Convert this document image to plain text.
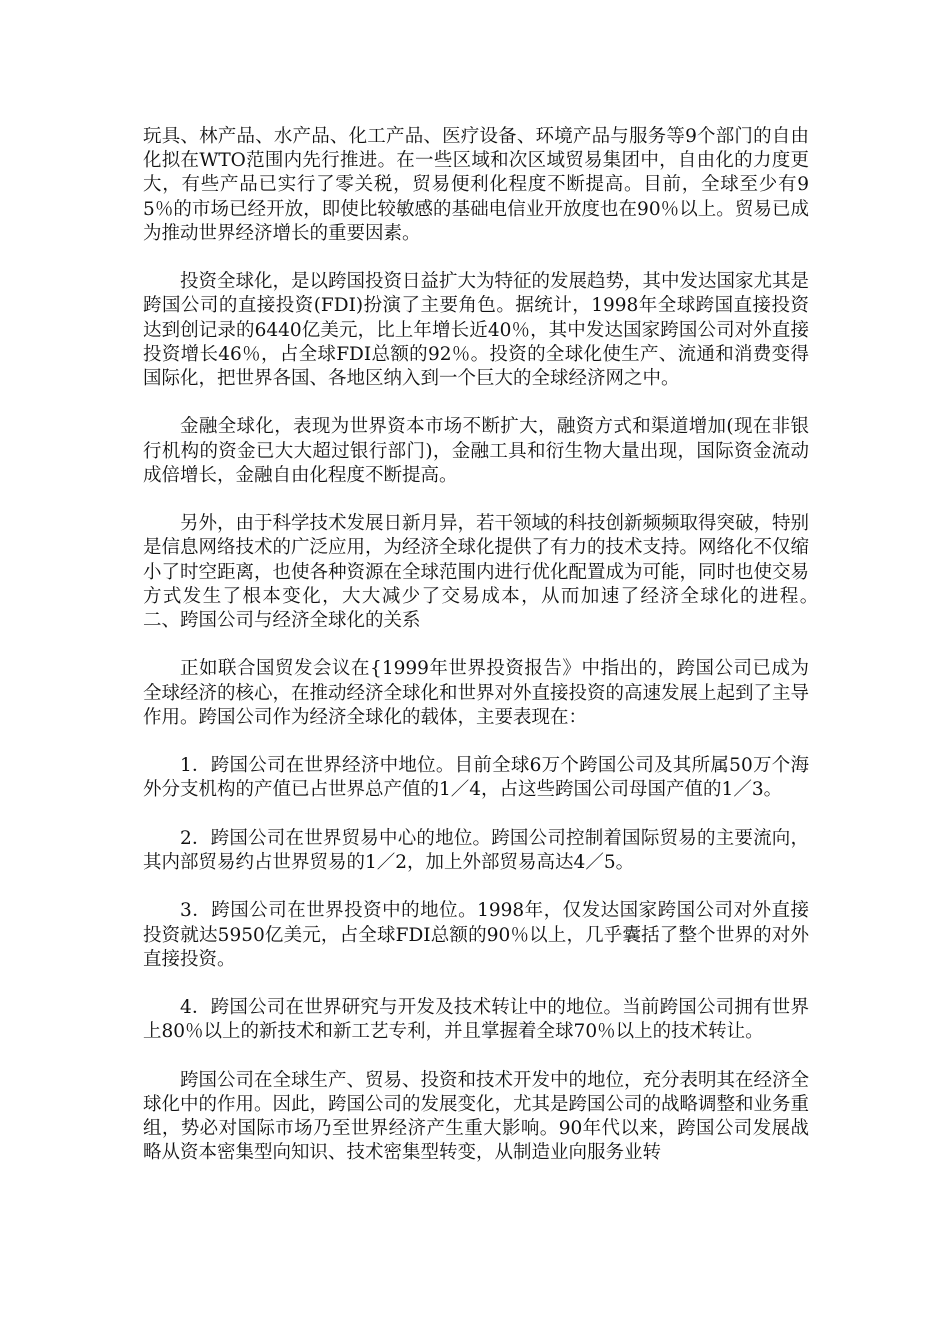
玩具、林产品、水产品、化工产品、医疗设备、环境产品与服务等9个部门的自由化拟在WTO范围内先行推进。在一些区域和次区域贸易集团中，自由化的力度更大，有些产品已实行了零关税，贸易便利化程度不断提高。目前，全球至少有95％的市场已经开放，即使比较敏感的基础电信业开放度也在90％以上。贸易已成为推动世界经济增长的重要因素。

投资全球化，是以跨国投资日益扩大为特征的发展趋势，其中发达国家尤其是跨国公司的直接投资(FDI)扮演了主要角色。据统计，1998年全球跨国直接投资达到创记录的6440亿美元，比上年增长近40％，其中发达国家跨国公司对外直接投资增长46％，占全球FDI总额的92％。投资的全球化使生产、流通和消费变得国际化，把世界各国、各地区纳入到一个巨大的全球经济网之中。

金融全球化，表现为世界资本市场不断扩大，融资方式和渠道增加(现在非银行机构的资金已大大超过银行部门)，金融工具和衍生物大量出现，国际资金流动成倍增长，金融自由化程度不断提高。

另外，由于科学技术发展日新月异，若干领域的科技创新频频取得突破，特别是信息网络技术的广泛应用，为经济全球化提供了有力的技术支持。网络化不仅缩小了时空距离，也使各种资源在全球范围内进行优化配置成为可能，同时也使交易方式发生了根本变化，大大减少了交易成本，从而加速了经济全球化的进程。　　二、跨国公司与经济全球化的关系

正如联合国贸发会议在{1999年世界投资报告》中指出的，跨国公司已成为全球经济的核心，在推动经济全球化和世界对外直接投资的高速发展上起到了主导作用。跨国公司作为经济全球化的载体，主要表现在：

1．跨国公司在世界经济中地位。目前全球6万个跨国公司及其所属50万个海外分支机构的产值已占世界总产值的1／4，占这些跨国公司母国产值的1／3。

2．跨国公司在世界贸易中心的地位。跨国公司控制着国际贸易的主要流向，其内部贸易约占世界贸易的1／2，加上外部贸易高达4／5。

3．跨国公司在世界投资中的地位。1998年，仅发达国家跨国公司对外直接投资就达5950亿美元，占全球FDI总额的90％以上，几乎囊括了整个世界的对外直接投资。

4．跨国公司在世界研究与开发及技术转让中的地位。当前跨国公司拥有世界上80％以上的新技术和新工艺专利，并且掌握着全球70％以上的技术转让。

跨国公司在全球生产、贸易、投资和技术开发中的地位，充分表明其在经济全球化中的作用。因此，跨国公司的发展变化，尤其是跨国公司的战略调整和业务重组，势必对国际市场乃至世界经济产生重大影响。90年代以来，跨国公司发展战略从资本密集型向知识、技术密集型转变，从制造业向服务业转
